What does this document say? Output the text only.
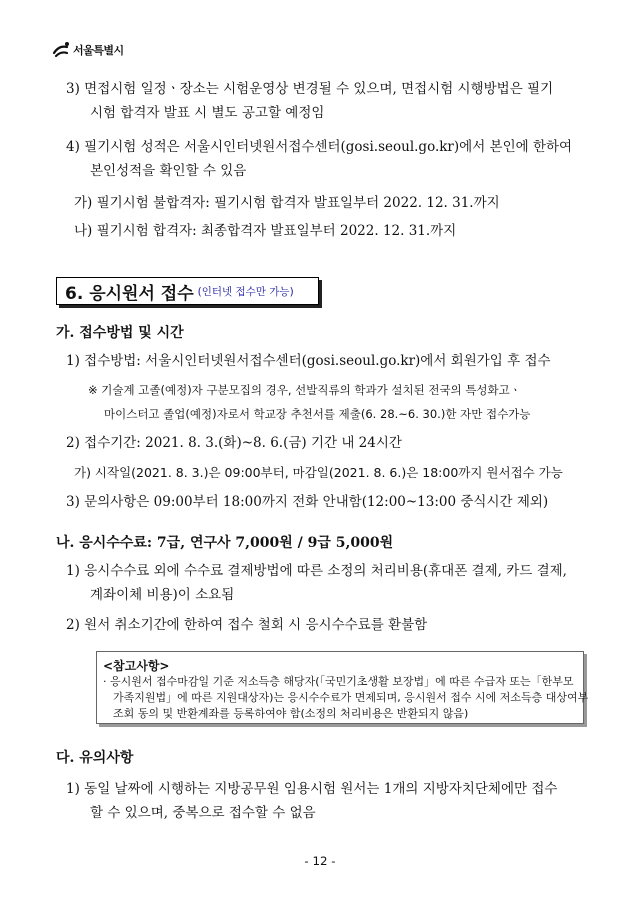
서울특별시
3) 면접시험 일정ㆍ장소는 시험운영상 변경될 수 있으며, 면접시험 시행방법은 필기
시험 합격자 발표 시 별도 공고할 예정임
4) 필기시험 성적은 서울시인터넷원서접수센터(gosi.seoul.go.kr)에서 본인에 한하여
본인성적을 확인할 수 있음
가) 필기시험 불합격자: 필기시험 합격자 발표일부터 2022. 12. 31.까지
나) 필기시험 합격자: 최종합격자 발표일부터 2022. 12. 31.까지
6. 응시원서 접수 (인터넷 접수만 가능)
가. 접수방법 및 시간
1) 접수방법: 서울시인터넷원서접수센터(gosi.seoul.go.kr)에서 회원가입 후 접수
※ 기술계 고졸(예정)자 구분모집의 경우, 선발직류의 학과가 설치된 전국의 특성화고ㆍ
마이스터고 졸업(예정)자로서 학교장 추천서를 제출(6. 28.~6. 30.)한 자만 접수가능
2) 접수기간: 2021. 8. 3.(화)~8. 6.(금) 기간 내 24시간
가) 시작일(2021. 8. 3.)은 09:00부터, 마감일(2021. 8. 6.)은 18:00까지 원서접수 가능
3) 문의사항은 09:00부터 18:00까지 전화 안내함(12:00~13:00 중식시간 제외)
나. 응시수수료: 7급, 연구사 7,000원 / 9급 5,000원
1) 응시수수료 외에 수수료 결제방법에 따른 소정의 처리비용(휴대폰 결제, 카드 결제,
계좌이체 비용)이 소요됨
2) 원서 취소기간에 한하여 접수 철회 시 응시수수료를 환불함
<참고사항>
· 응시원서 접수마감일 기준 저소득층 해당자(「국민기초생활 보장법」에 따른 수급자 또는「한부모
가족지원법」에 따른 지원대상자)는 응시수수료가 면제되며, 응시원서 접수 시에 저소득층 대상여부
조회 동의 및 반환계좌를 등록하여야 함(소정의 처리비용은 반환되지 않음)
다. 유의사항
1) 동일 날짜에 시행하는 지방공무원 임용시험 원서는 1개의 지방자치단체에만 접수
할 수 있으며, 중복으로 접수할 수 없음
- 12 -
